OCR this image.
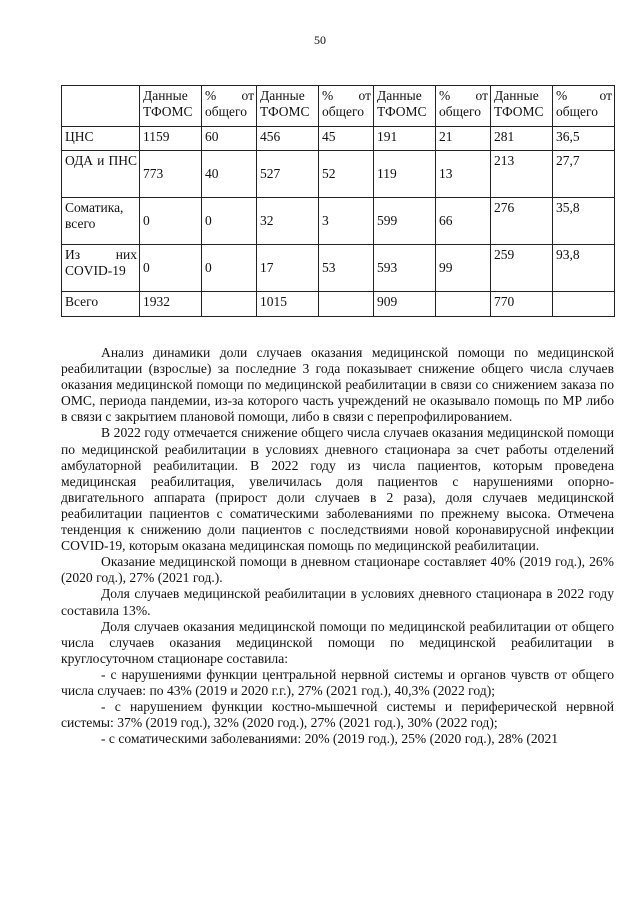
50
	Данные ТФОМС	% от общего	Данные ТФОМС	% от общего	Данные ТФОМС	% от общего	Данные ТФОМС	% от общего
ЦНС	1159	60	456	45	191	21	281	36,5
ОДА и ПНС	773	40	527	52	119	13	213	27,7
Соматика, всего	0	0	32	3	599	66	276	35,8
Из них COVID-19	0	0	17	53	593	99	259	93,8
Всего	1932		1015		909		770	

Анализ динамики доли случаев оказания медицинской помощи по медицинской реабилитации (взрослые) за последние 3 года показывает снижение общего числа случаев оказания медицинской помощи по медицинской реабилитации в связи со снижением заказа по ОМС, периода пандемии, из-за которого часть учреждений не оказывало помощь по МР либо в связи с закрытием плановой помощи, либо в связи с перепрофилированием.

В 2022 году отмечается снижение общего числа случаев оказания медицинской помощи по медицинской реабилитации в условиях дневного стационара за счет работы отделений амбулаторной реабилитации. В 2022 году из числа пациентов, которым проведена медицинская реабилитация, увеличилась доля пациентов с нарушениями опорно-двигательного аппарата (прирост доли случаев в 2 раза), доля случаев медицинской реабилитации пациентов с соматическими заболеваниями по прежнему высока. Отмечена тенденция к снижению доли пациентов с последствиями новой коронавирусной инфекции COVID-19, которым оказана медицинская помощь по медицинской реабилитации.

Оказание медицинской помощи в дневном стационаре составляет 40% (2019 год.), 26% (2020 год.), 27% (2021 год.).

Доля случаев медицинской реабилитации в условиях дневного стационара в 2022 году составила 13%.

Доля случаев оказания медицинской помощи по медицинской реабилитации от общего числа случаев оказания медицинской помощи по медицинской реабилитации в круглосуточном стационаре составила:

- с нарушениями функции центральной нервной системы и органов чувств от общего числа случаев: по 43% (2019 и 2020 г.г.), 27% (2021 год.), 40,3% (2022 год);

- с нарушением функции костно-мышечной системы и периферической нервной системы: 37% (2019 год.), 32% (2020 год.), 27% (2021 год.), 30% (2022 год);

- с соматическими заболеваниями: 20% (2019 год.), 25% (2020 год.), 28% (2021
